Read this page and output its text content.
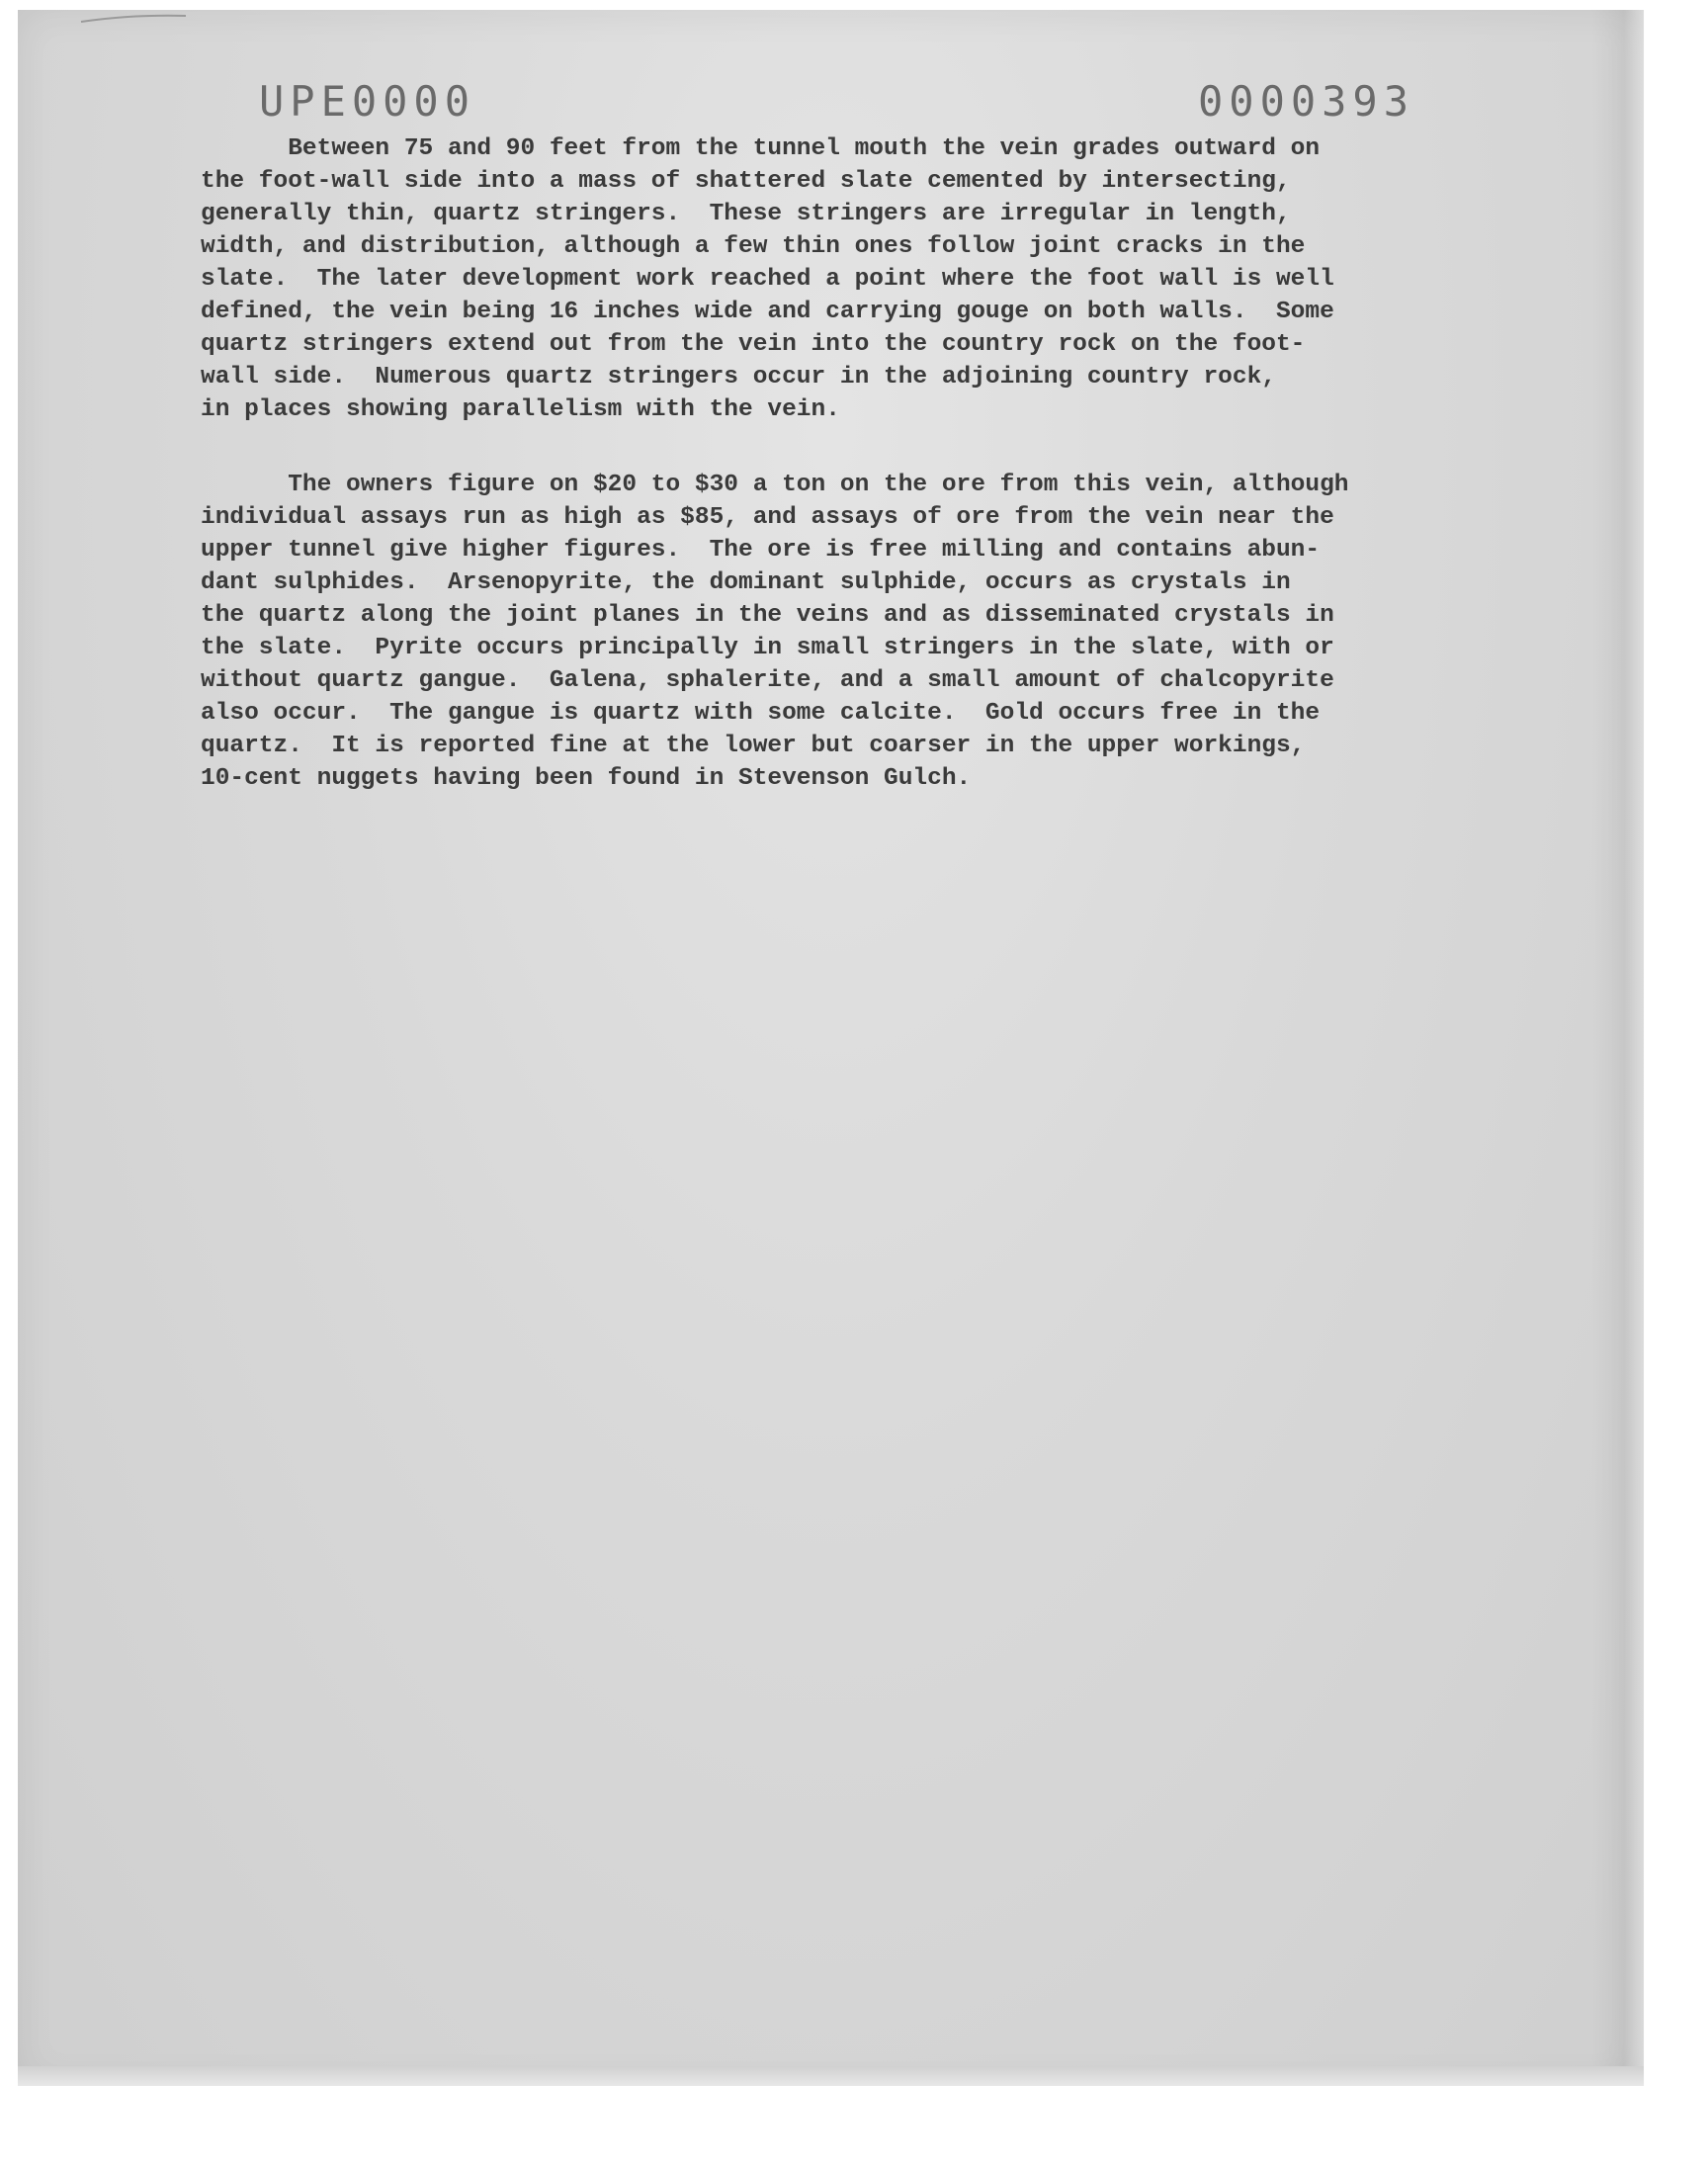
UPE0000	0000393
Between 75 and 90 feet from the tunnel mouth the vein grades outward on
the foot-wall side into a mass of shattered slate cemented by intersecting,
generally thin, quartz stringers.  These stringers are irregular in length,
width, and distribution, although a few thin ones follow joint cracks in the
slate.  The later development work reached a point where the foot wall is well
defined, the vein being 16 inches wide and carrying gouge on both walls.  Some
quartz stringers extend out from the vein into the country rock on the foot-
wall side.  Numerous quartz stringers occur in the adjoining country rock,
in places showing parallelism with the vein.
The owners figure on $20 to $30 a ton on the ore from this vein, although
individual assays run as high as $85, and assays of ore from the vein near the
upper tunnel give higher figures.  The ore is free milling and contains abun-
dant sulphides.  Arsenopyrite, the dominant sulphide, occurs as crystals in
the quartz along the joint planes in the veins and as disseminated crystals in
the slate.  Pyrite occurs principally in small stringers in the slate, with or
without quartz gangue.  Galena, sphalerite, and a small amount of chalcopyrite
also occur.  The gangue is quartz with some calcite.  Gold occurs free in the
quartz.  It is reported fine at the lower but coarser in the upper workings,
10-cent nuggets having been found in Stevenson Gulch.
